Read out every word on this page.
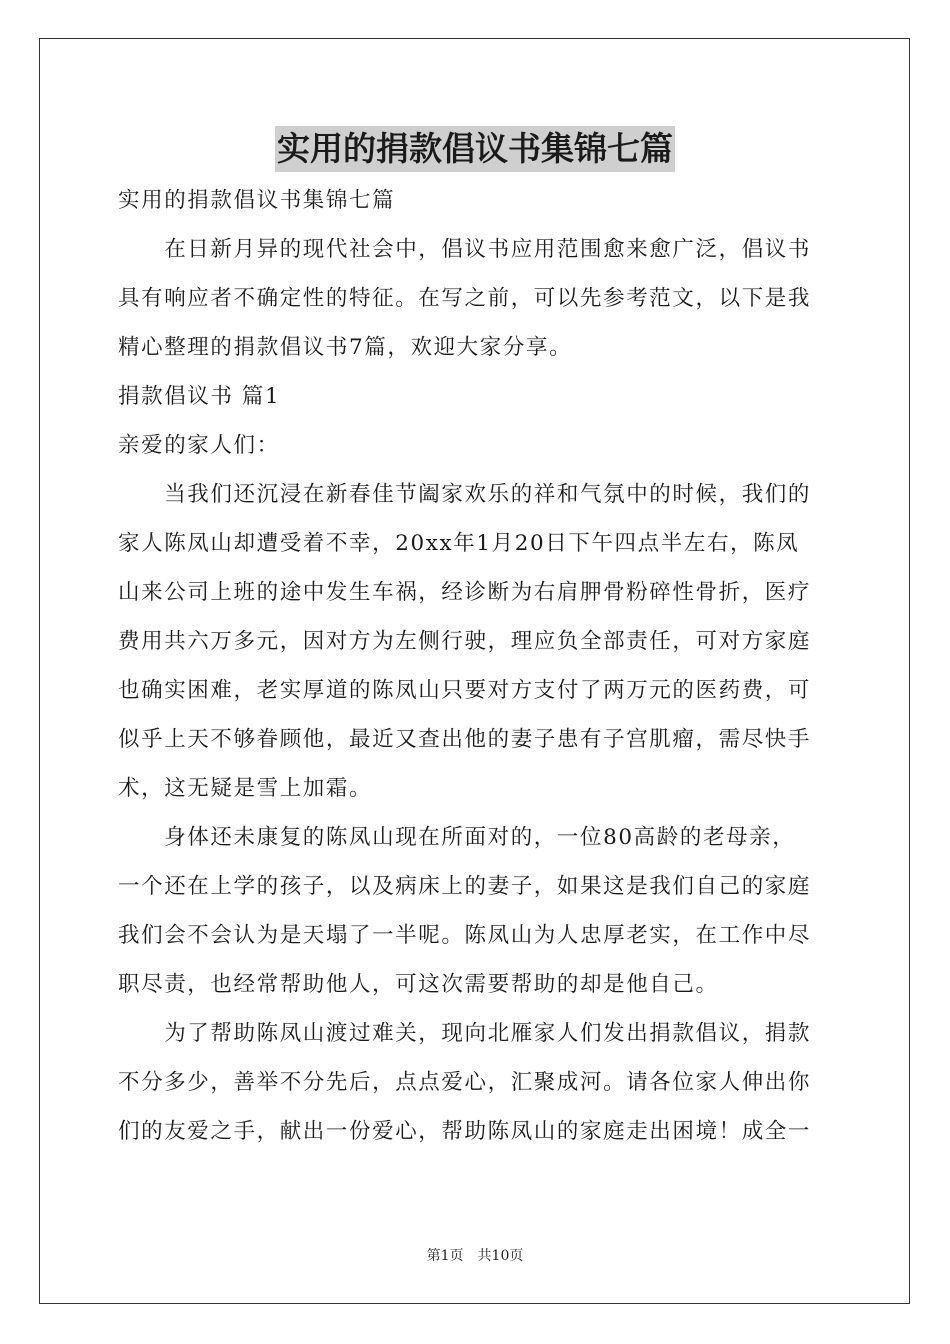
实用的捐款倡议书集锦七篇
实用的捐款倡议书集锦七篇
　　在日新月异的现代社会中，倡议书应用范围愈来愈广泛，倡议书
具有响应者不确定性的特征。在写之前，可以先参考范文，以下是我
精心整理的捐款倡议书7篇，欢迎大家分享。
捐款倡议书 篇1
亲爱的家人们：
　　当我们还沉浸在新春佳节阖家欢乐的祥和气氛中的时候，我们的
家人陈凤山却遭受着不幸，20xx年1月20日下午四点半左右，陈凤
山来公司上班的途中发生车祸，经诊断为右肩胛骨粉碎性骨折，医疗
费用共六万多元，因对方为左侧行驶，理应负全部责任，可对方家庭
也确实困难，老实厚道的陈凤山只要对方支付了两万元的医药费，可
似乎上天不够眷顾他，最近又查出他的妻子患有子宫肌瘤，需尽快手
术，这无疑是雪上加霜。
　　身体还未康复的陈凤山现在所面对的，一位80高龄的老母亲，
一个还在上学的孩子，以及病床上的妻子，如果这是我们自己的家庭
我们会不会认为是天塌了一半呢。陈凤山为人忠厚老实，在工作中尽
职尽责，也经常帮助他人，可这次需要帮助的却是他自己。
　　为了帮助陈凤山渡过难关，现向北雁家人们发出捐款倡议，捐款
不分多少，善举不分先后，点点爱心，汇聚成河。请各位家人伸出你
们的友爱之手，献出一份爱心，帮助陈凤山的家庭走出困境！成全一
第1页　共10页
